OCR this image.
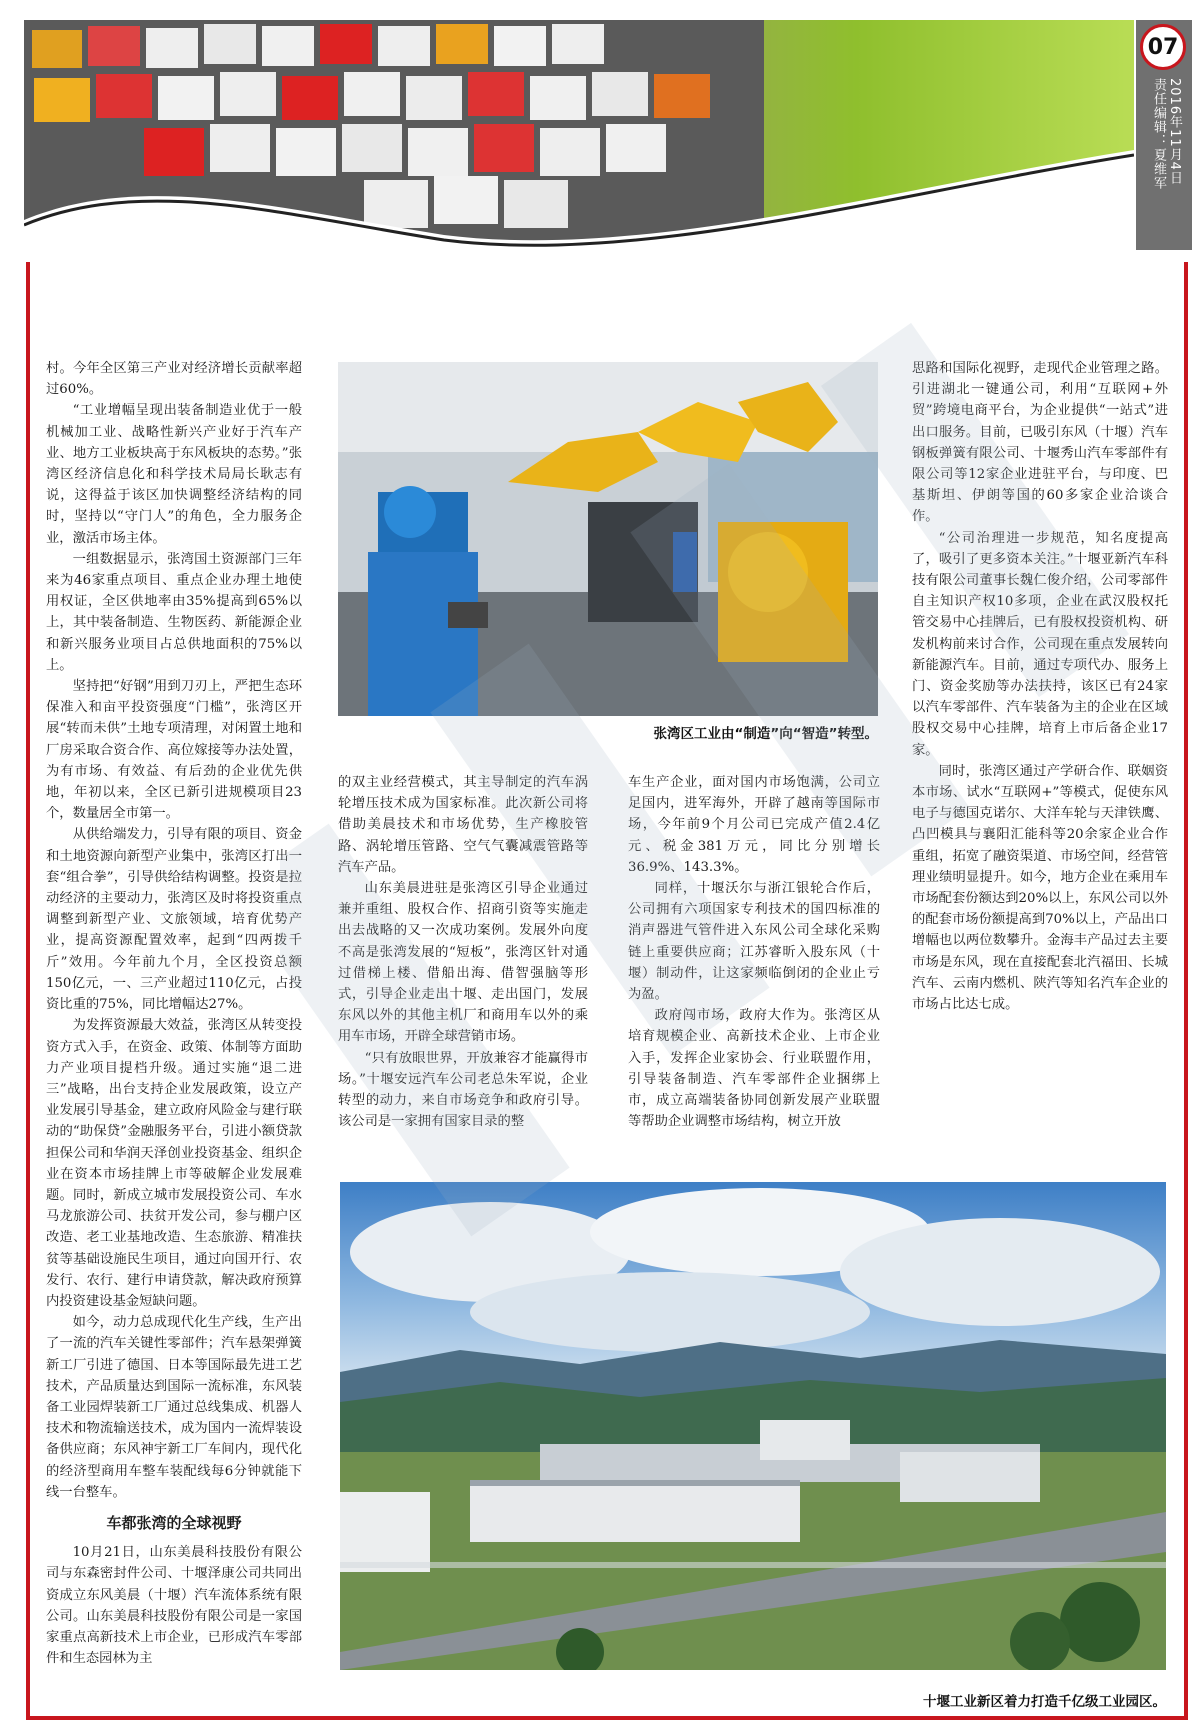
07
2016年11月4日
责任编辑：夏维军

村。今年全区第三产业对经济增长贡献率超过60%。

“工业增幅呈现出装备制造业优于一般机械加工业、战略性新兴产业好于汽车产业、地方工业板块高于东风板块的态势。”张湾区经济信息化和科学技术局局长耿志有说，这得益于该区加快调整经济结构的同时，坚持以“守门人”的角色，全力服务企业，激活市场主体。

一组数据显示，张湾国土资源部门三年来为46家重点项目、重点企业办理土地使用权证，全区供地率由35%提高到65%以上，其中装备制造、生物医药、新能源企业和新兴服务业项目占总供地面积的75%以上。

坚持把“好钢”用到刀刃上，严把生态环保准入和亩平投资强度“门槛”，张湾区开展“转而未供”土地专项清理，对闲置土地和厂房采取合资合作、高位嫁接等办法处置，为有市场、有效益、有后劲的企业优先供地，年初以来，全区已新引进规模项目23个，数量居全市第一。

从供给端发力，引导有限的项目、资金和土地资源向新型产业集中，张湾区打出一套“组合拳”，引导供给结构调整。投资是拉动经济的主要动力，张湾区及时将投资重点调整到新型产业、文旅领域，培育优势产业，提高资源配置效率，起到“四两拨千斤”效用。今年前九个月，全区投资总额150亿元，一、三产业超过110亿元，占投资比重的75%，同比增幅达27%。

为发挥资源最大效益，张湾区从转变投资方式入手，在资金、政策、体制等方面助力产业项目提档升级。通过实施“退二进三”战略，出台支持企业发展政策，设立产业发展引导基金，建立政府风险金与建行联动的“助保贷”金融服务平台，引进小额贷款担保公司和华润天泽创业投资基金、组织企业在资本市场挂牌上市等破解企业发展难题。同时，新成立城市发展投资公司、车水马龙旅游公司、扶贫开发公司，参与棚户区改造、老工业基地改造、生态旅游、精准扶贫等基础设施民生项目，通过向国开行、农发行、农行、建行申请贷款，解决政府预算内投资建设基金短缺问题。

如今，动力总成现代化生产线，生产出了一流的汽车关键性零部件；汽车悬架弹簧新工厂引进了德国、日本等国际最先进工艺技术，产品质量达到国际一流标准，东风装备工业园焊装新工厂通过总线集成、机器人技术和物流输送技术，成为国内一流焊装设备供应商；东风神宇新工厂车间内，现代化的经济型商用车整车装配线每6分钟就能下线一台整车。

车都张湾的全球视野

10月21日，山东美晨科技股份有限公司与东森密封件公司、十堰泽康公司共同出资成立东风美晨（十堰）汽车流体系统有限公司。山东美晨科技股份有限公司是一家国家重点高新技术上市企业，已形成汽车零部件和生态园林为主

张湾区工业由“制造”向“智造”转型。

的双主业经营模式，其主导制定的汽车涡轮增压技术成为国家标准。此次新公司将借助美晨技术和市场优势，生产橡胶管路、涡轮增压管路、空气气囊减震管路等汽车产品。

山东美晨进驻是张湾区引导企业通过兼并重组、股权合作、招商引资等实施走出去战略的又一次成功案例。发展外向度不高是张湾发展的“短板”，张湾区针对通过借梯上楼、借船出海、借智强脑等形式，引导企业走出十堰、走出国门，发展东风以外的其他主机厂和商用车以外的乘用车市场，开辟全球营销市场。

“只有放眼世界，开放兼容才能赢得市场。”十堰安远汽车公司老总朱军说，企业转型的动力，来自市场竞争和政府引导。该公司是一家拥有国家目录的整

车生产企业，面对国内市场饱满，公司立足国内，进军海外，开辟了越南等国际市场，今年前9个月公司已完成产值2.4亿元、税金381万元，同比分别增长36.9%、143.3%。

同样，十堰沃尔与浙江银轮合作后，公司拥有六项国家专利技术的国四标准的消声器进气管件进入东风公司全球化采购链上重要供应商；江苏睿昕入股东风（十堰）制动件，让这家频临倒闭的企业止亏为盈。

政府闯市场，政府大作为。张湾区从培育规模企业、高新技术企业、上市企业入手，发挥企业家协会、行业联盟作用，引导装备制造、汽车零部件企业捆绑上市，成立高端装备协同创新发展产业联盟等帮助企业调整市场结构，树立开放

思路和国际化视野，走现代企业管理之路。引进湖北一键通公司，利用“互联网+外贸”跨境电商平台，为企业提供“一站式”进出口服务。目前，已吸引东风（十堰）汽车钢板弹簧有限公司、十堰秀山汽车零部件有限公司等12家企业进驻平台，与印度、巴基斯坦、伊朗等国的60多家企业洽谈合作。

“公司治理进一步规范，知名度提高了，吸引了更多资本关注。”十堰亚新汽车科技有限公司董事长魏仁俊介绍，公司零部件自主知识产权10多项，企业在武汉股权托管交易中心挂牌后，已有股权投资机构、研发机构前来讨合作，公司现在重点发展转向新能源汽车。目前，通过专项代办、服务上门、资金奖励等办法扶持，该区已有24家以汽车零部件、汽车装备为主的企业在区域股权交易中心挂牌，培育上市后备企业17家。

同时，张湾区通过产学研合作、联姻资本市场、试水“互联网+”等模式，促使东风电子与德国克诺尔、大洋车轮与天津铁鹰、凸凹模具与襄阳汇能科等20余家企业合作重组，拓宽了融资渠道、市场空间，经营管理业绩明显提升。如今，地方企业在乘用车市场配套份额达到20%以上，东风公司以外的配套市场份额提高到70%以上，产品出口增幅也以两位数攀升。金海丰产品过去主要市场是东风，现在直接配套北汽福田、长城汽车、云南内燃机、陕汽等知名汽车企业的市场占比达七成。

十堰工业新区着力打造千亿级工业园区。
